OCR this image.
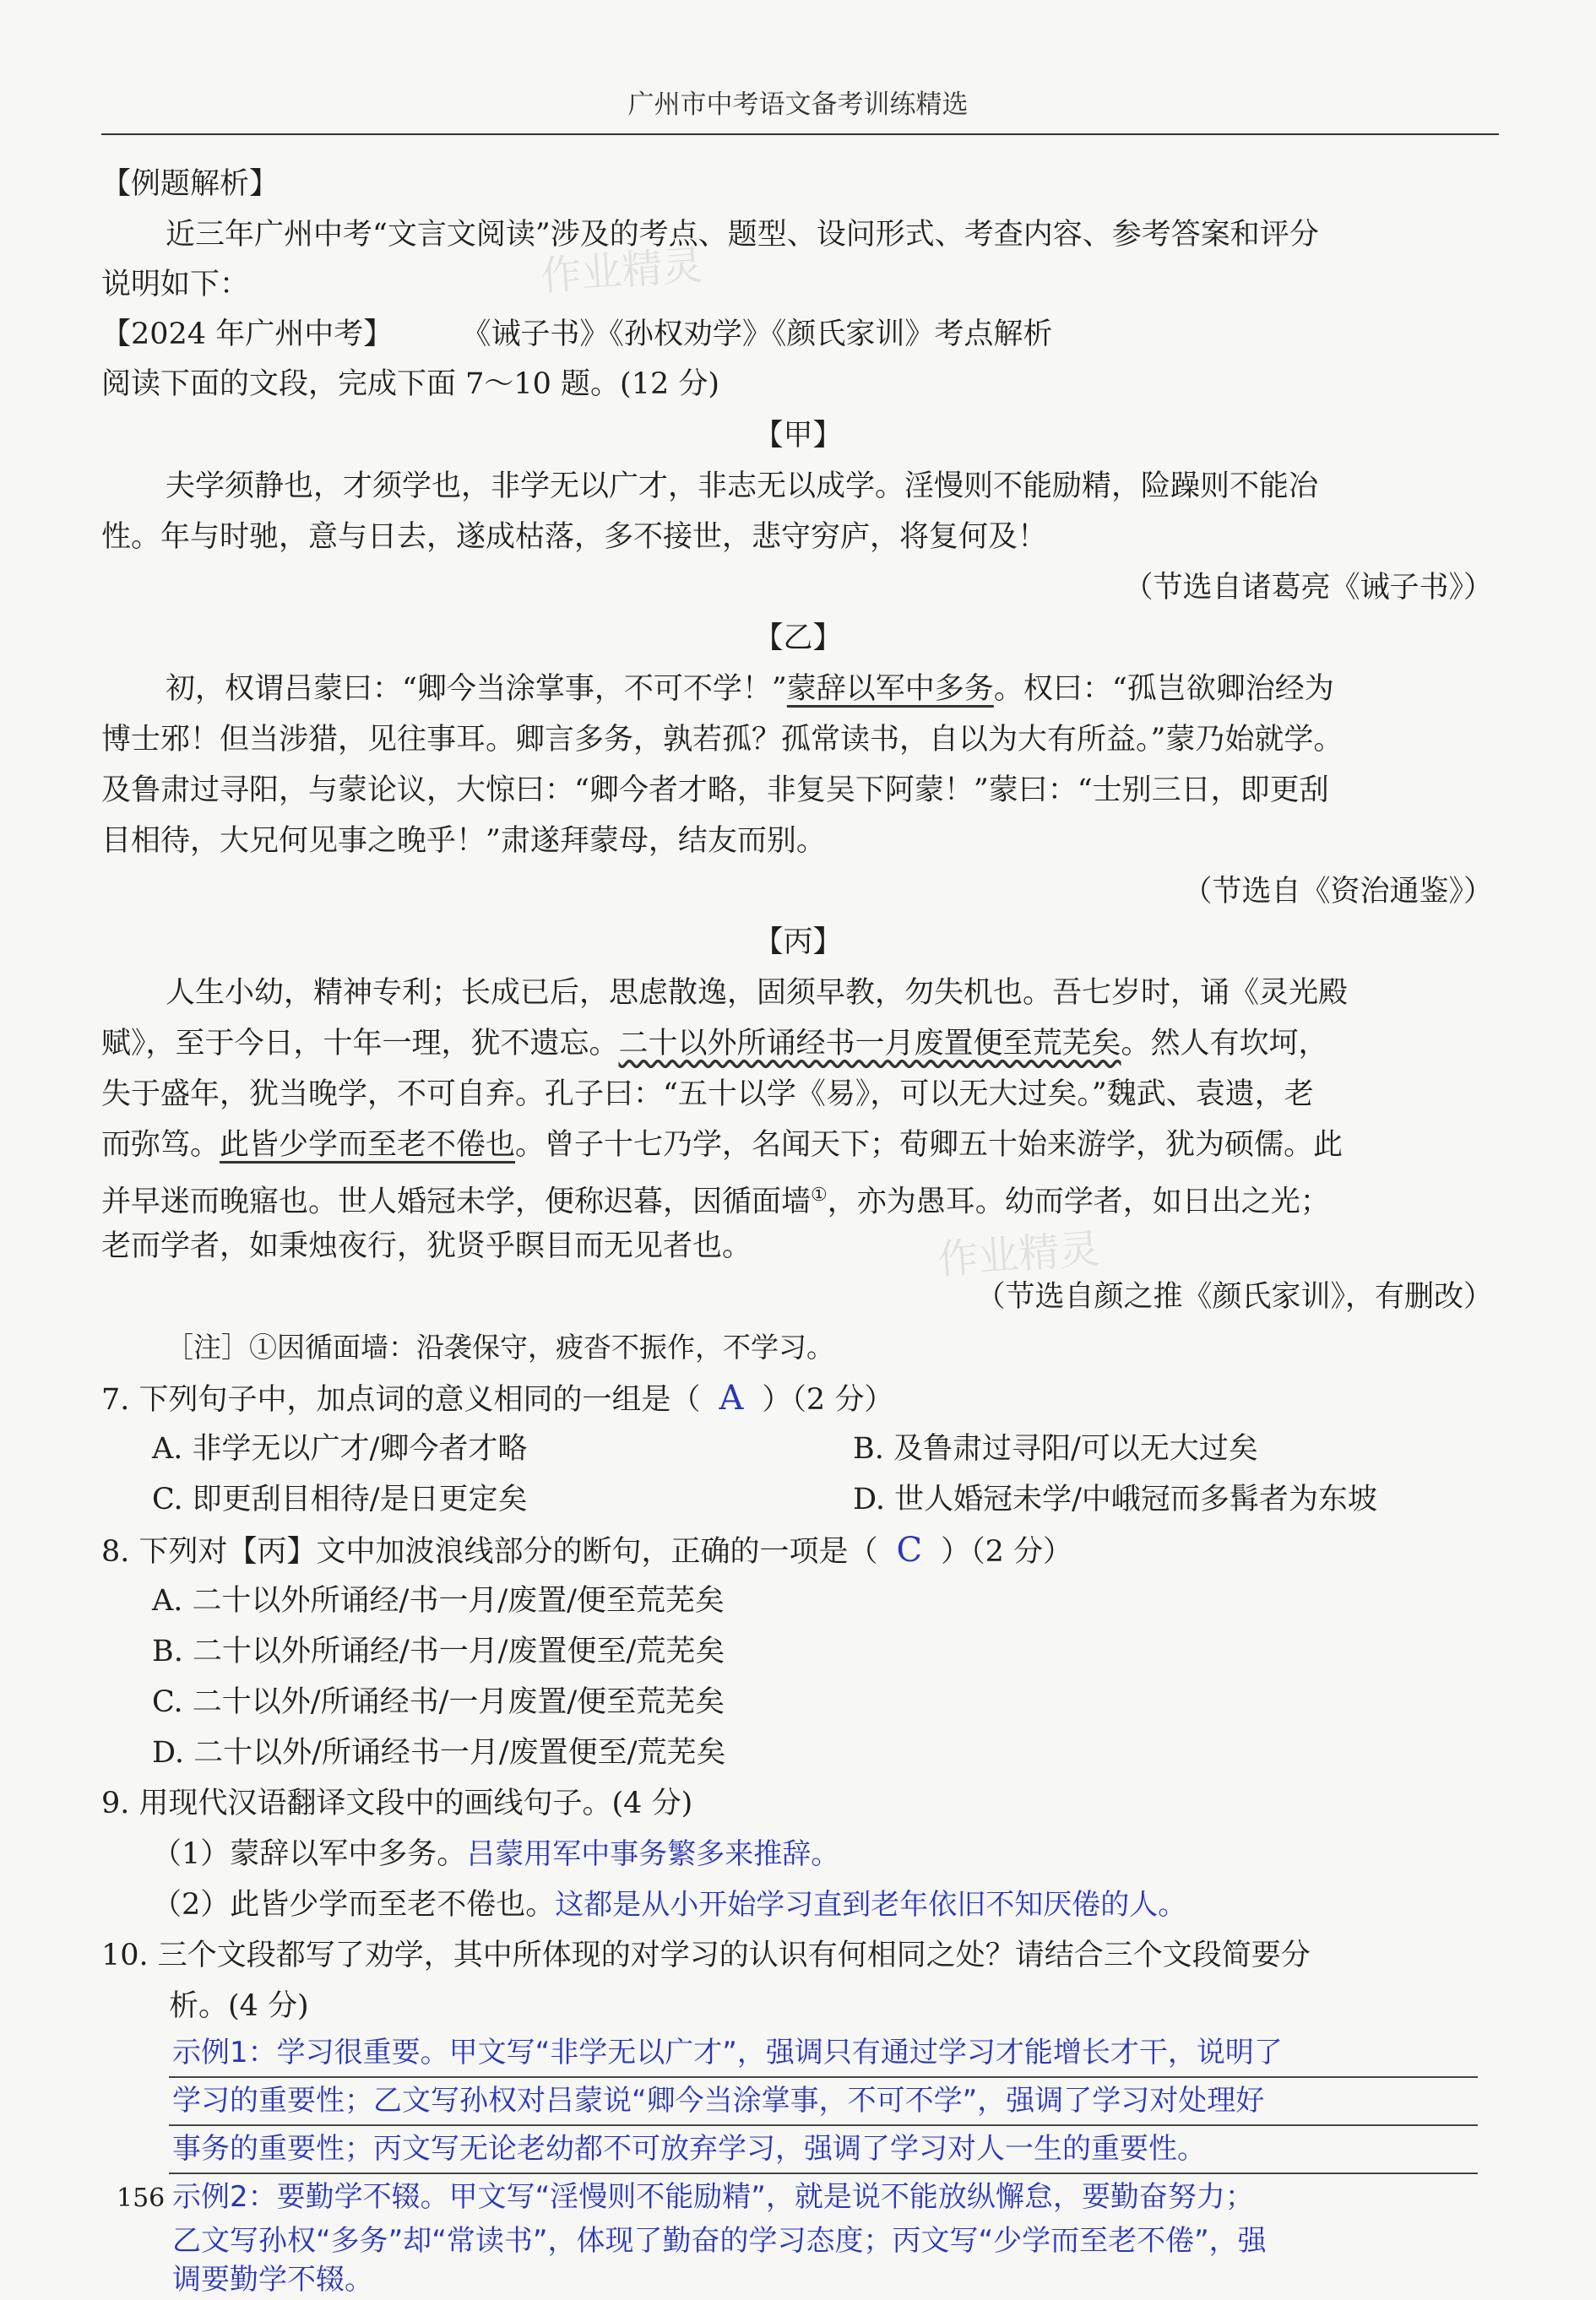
广州市中考语文备考训练精选
作业精灵
作业精灵
【例题解析】
近三年广州中考“文言文阅读”涉及的考点、题型、设问形式、考查内容、参考答案和评分
说明如下：
【2024 年广州中考】 《诫子书》《孙权劝学》《颜氏家训》考点解析
阅读下面的文段，完成下面 7～10 题。(12 分)
【甲】
夫学须静也，才须学也，非学无以广才，非志无以成学。淫慢则不能励精，险躁则不能冶
性。年与时驰，意与日去，遂成枯落，多不接世，悲守穷庐，将复何及！
（节选自诸葛亮《诫子书》）
【乙】
初，权谓吕蒙曰：“卿今当涂掌事，不可不学！”蒙辞以军中多务。权曰：“孤岂欲卿治经为
博士邪！但当涉猎，见往事耳。卿言多务，孰若孤？孤常读书，自以为大有所益。”蒙乃始就学。
及鲁肃过寻阳，与蒙论议，大惊曰：“卿今者才略，非复吴下阿蒙！”蒙曰：“士别三日，即更刮
目相待，大兄何见事之晚乎！”肃遂拜蒙母，结友而别。
（节选自《资治通鉴》）
【丙】
人生小幼，精神专利；长成已后，思虑散逸，固须早教，勿失机也。吾七岁时，诵《灵光殿
赋》，至于今日，十年一理，犹不遗忘。二十以外所诵经书一月废置便至荒芜矣。然人有坎坷，
失于盛年，犹当晚学，不可自弃。孔子曰：“五十以学《易》，可以无大过矣。”魏武、袁遗，老
而弥笃。此皆少学而至老不倦也。曾子十七乃学，名闻天下；荀卿五十始来游学，犹为硕儒。此
并早迷而晚寤也。世人婚冠未学，便称迟暮，因循面墙①，亦为愚耳。幼而学者，如日出之光；
老而学者，如秉烛夜行，犹贤乎瞑目而无见者也。
（节选自颜之推《颜氏家训》，有删改）
［注］①因循面墙：沿袭保守，疲沓不振作，不学习。
7. 下列句子中，加点词的意义相同的一组是（ A ）（2 分）
A. 非学无以广才/卿今者才略	B. 及鲁肃过寻阳/可以无大过矣
C. 即更刮目相待/是日更定矣	D. 世人婚冠未学/中峨冠而多髯者为东坡
8. 下列对【丙】文中加波浪线部分的断句，正确的一项是（ C ）（2 分）
A. 二十以外所诵经/书一月/废置/便至荒芜矣
B. 二十以外所诵经/书一月/废置便至/荒芜矣
C. 二十以外/所诵经书/一月废置/便至荒芜矣
D. 二十以外/所诵经书一月/废置便至/荒芜矣
9. 用现代汉语翻译文段中的画线句子。(4 分)
（1）蒙辞以军中多务。吕蒙用军中事务繁多来推辞。
（2）此皆少学而至老不倦也。这都是从小开始学习直到老年依旧不知厌倦的人。
10. 三个文段都写了劝学，其中所体现的对学习的认识有何相同之处？请结合三个文段简要分
析。(4 分)
示例1：学习很重要。甲文写“非学无以广才”，强调只有通过学习才能增长才干，说明了
学习的重要性；乙文写孙权对吕蒙说“卿今当涂掌事，不可不学”，强调了学习对处理好
事务的重要性；丙文写无论老幼都不可放弃学习，强调了学习对人一生的重要性。
示例2：要勤学不辍。甲文写“淫慢则不能励精”，就是说不能放纵懈怠，要勤奋努力；
乙文写孙权“多务”却“常读书”，体现了勤奋的学习态度；丙文写“少学而至老不倦”，强
调要勤学不辍。
156
